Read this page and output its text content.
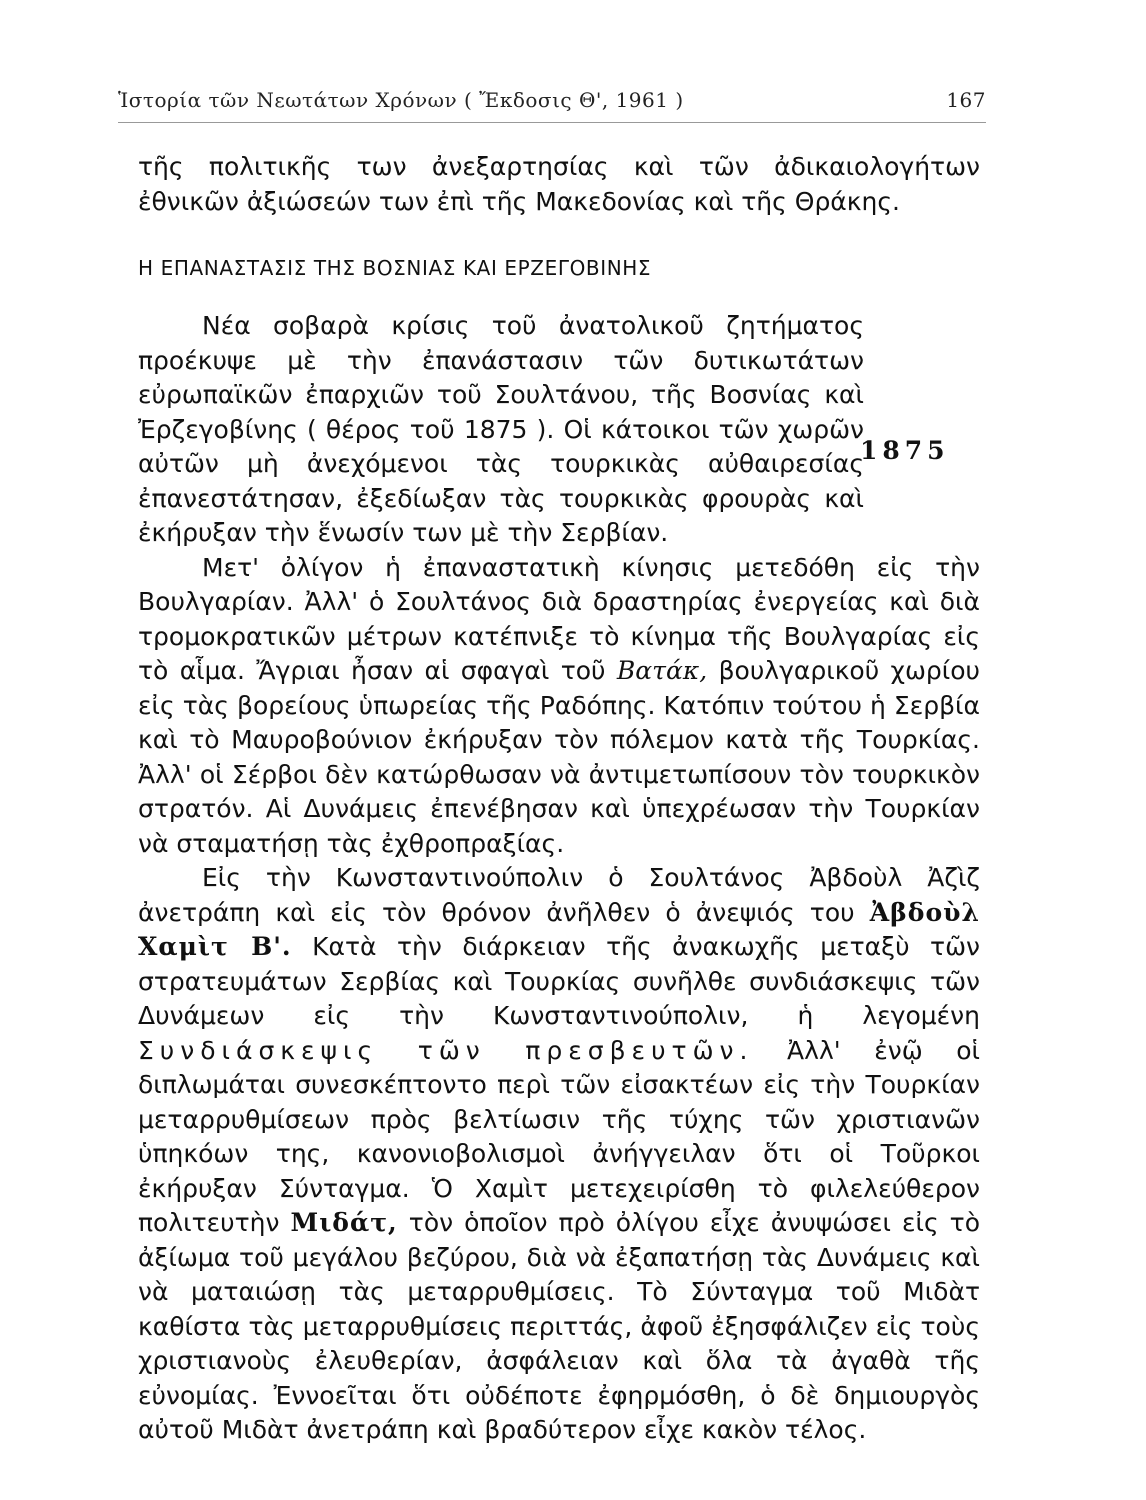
Ἱστορία τῶν Νεωτάτων Χρόνων ( Ἔκδοσις Θ', 1961 )	167
1875

τῆς πολιτικῆς των ἀνεξαρτησίας καὶ τῶν ἀδικαιολογήτων ἐθνικῶν ἀξιώσεών των ἐπὶ τῆς Μακεδονίας καὶ τῆς Θράκης.

Η ΕΠΑΝΑΣΤΑΣΙΣ ΤΗΣ ΒΟΣΝΙΑΣ ΚΑΙ ΕΡΖΕΓΟΒΙΝΗΣ

Νέα σοβαρὰ κρίσις τοῦ ἀνατολικοῦ ζητήματος προέκυψε μὲ τὴν ἐπανάστασιν τῶν δυτικωτάτων εὐρωπαϊκῶν ἐπαρχιῶν τοῦ Σουλτάνου, τῆς Βοσνίας καὶ Ἐρζεγοβίνης ( θέρος τοῦ 1875 ). Οἱ κάτοικοι τῶν χωρῶν αὐτῶν μὴ ἀνεχόμενοι τὰς τουρκικὰς αὐθαιρεσίας ἐπανεστάτησαν, ἐξεδίωξαν τὰς τουρκικὰς φρουρὰς καὶ ἐκήρυξαν τὴν ἕνωσίν των μὲ τὴν Σερβίαν.

Μετ' ὀλίγον ἡ ἐπαναστατικὴ κίνησις μετεδόθη εἰς τὴν Βουλγαρίαν. Ἀλλ' ὁ Σουλτάνος διὰ δραστηρίας ἐνεργείας καὶ διὰ τρομοκρατικῶν μέτρων κατέπνιξε τὸ κίνημα τῆς Βουλγαρίας εἰς τὸ αἷμα. Ἄγριαι ἦσαν αἱ σφαγαὶ τοῦ Βατάκ, βουλγαρικοῦ χωρίου εἰς τὰς βορείους ὑπωρείας τῆς Ραδόπης. Κατόπιν τούτου ἡ Σερβία καὶ τὸ Μαυροβούνιον ἐκήρυξαν τὸν πόλεμον κατὰ τῆς Τουρκίας. Ἀλλ' οἱ Σέρβοι δὲν κατώρθωσαν νὰ ἀντιμετωπίσουν τὸν τουρκικὸν στρατόν. Αἱ Δυνάμεις ἐπενέβησαν καὶ ὑπεχρέωσαν τὴν Τουρκίαν νὰ σταματήσῃ τὰς ἐχθροπραξίας.

Εἰς τὴν Κωνσταντινούπολιν ὁ Σουλτάνος Ἀβδοὺλ Ἀζὶζ ἀνετράπη καὶ εἰς τὸν θρόνον ἀνῆλθεν ὁ ἀνεψιός του Ἀβδοὺλ Χαμὶτ Β'. Κατὰ τὴν διάρκειαν τῆς ἀνακωχῆς μεταξὺ τῶν στρατευμάτων Σερβίας καὶ Τουρκίας συνῆλθε συνδιάσκεψις τῶν Δυνάμεων εἰς τὴν Κωνσταντινούπολιν, ἡ λεγομένη Συνδιάσκεψις τῶν πρεσβευτῶν. Ἀλλ' ἐνῷ οἱ διπλωμάται συνεσκέπτοντο περὶ τῶν εἰσακτέων εἰς τὴν Τουρκίαν μεταρρυθμίσεων πρὸς βελτίωσιν τῆς τύχης τῶν χριστιανῶν ὑπηκόων της, κανονιοβολισμοὶ ἀνήγγειλαν ὅτι οἱ Τοῦρκοι ἐκήρυξαν Σύνταγμα. Ὁ Χαμὶτ μετεχειρίσθη τὸ φιλελεύθερον πολιτευτὴν Μιδάτ, τὸν ὁποῖον πρὸ ὀλίγου εἶχε ἀνυψώσει εἰς τὸ ἀξίωμα τοῦ μεγάλου βεζύρου, διὰ νὰ ἐξαπατήσῃ τὰς Δυνάμεις καὶ νὰ ματαιώσῃ τὰς μεταρρυθμίσεις. Τὸ Σύνταγμα τοῦ Μιδὰτ καθίστα τὰς μεταρρυθμίσεις περιττάς, ἀφοῦ ἐξησφάλιζεν εἰς τοὺς χριστιανοὺς ἐλευθερίαν, ἀσφάλειαν καὶ ὅλα τὰ ἀγαθὰ τῆς εὐνομίας. Ἐννοεῖται ὅτι οὐδέποτε ἐφηρμόσθη, ὁ δὲ δημιουργὸς αὐτοῦ Μιδὰτ ἀνετράπη καὶ βραδύτερον εἶχε κακὸν τέλος.
